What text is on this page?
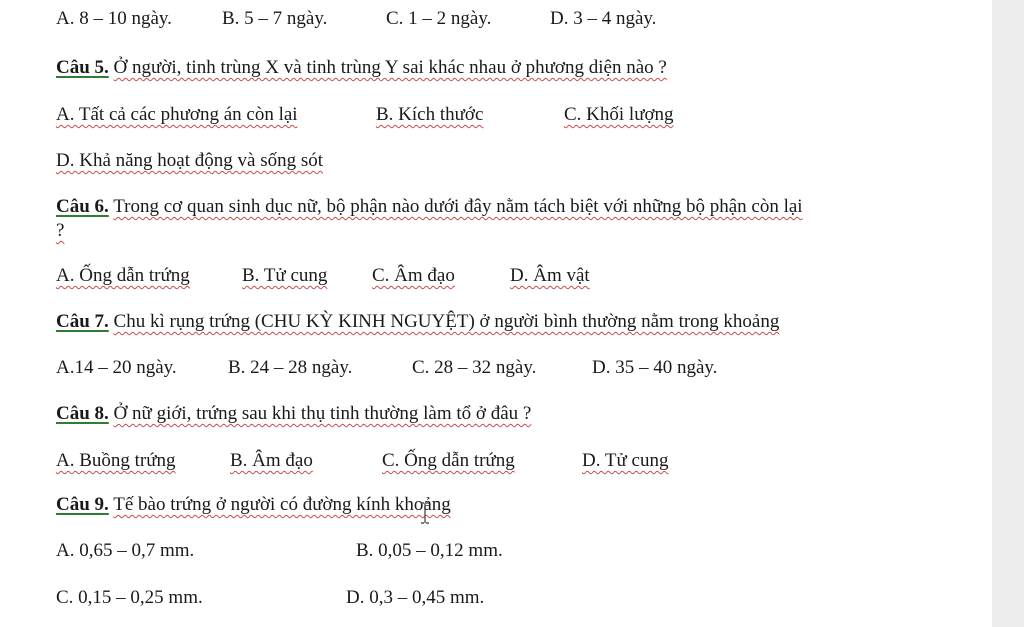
A. 8 – 10 ngày.	B. 5 – 7 ngày.	C. 1 – 2 ngày.	D. 3 – 4 ngày.
Câu 5. Ở người, tinh trùng X và tinh trùng Y sai khác nhau ở phương diện nào ?
A. Tất cả các phương án còn lại	B. Kích thước	C. Khối lượng
D. Khả năng hoạt động và sống sót
Câu 6. Trong cơ quan sinh dục nữ, bộ phận nào dưới đây nằm tách biệt với những bộ phận còn lại
?
A. Ống dẫn trứng	B. Tử cung C. Âm đạo	D. Âm vật
Câu 7. Chu kì rụng trứng (CHU KỲ KINH NGUYỆT) ở người bình thường nằm trong khoảng
A.14 – 20 ngày.	B. 24 – 28 ngày.	C. 28 – 32 ngày.	D. 35 – 40 ngày.
Câu 8. Ở nữ giới, trứng sau khi thụ tinh thường làm tổ ở đâu ?
A. Buồng trứng	B. Âm đạo	C. Ống dẫn trứng	D. Tử cung
Câu 9. Tế bào trứng ở người có đường kính khoảng
A. 0,65 – 0,7 mm.	B. 0,05 – 0,12 mm.
C. 0,15 – 0,25 mm.	D. 0,3 – 0,45 mm.
